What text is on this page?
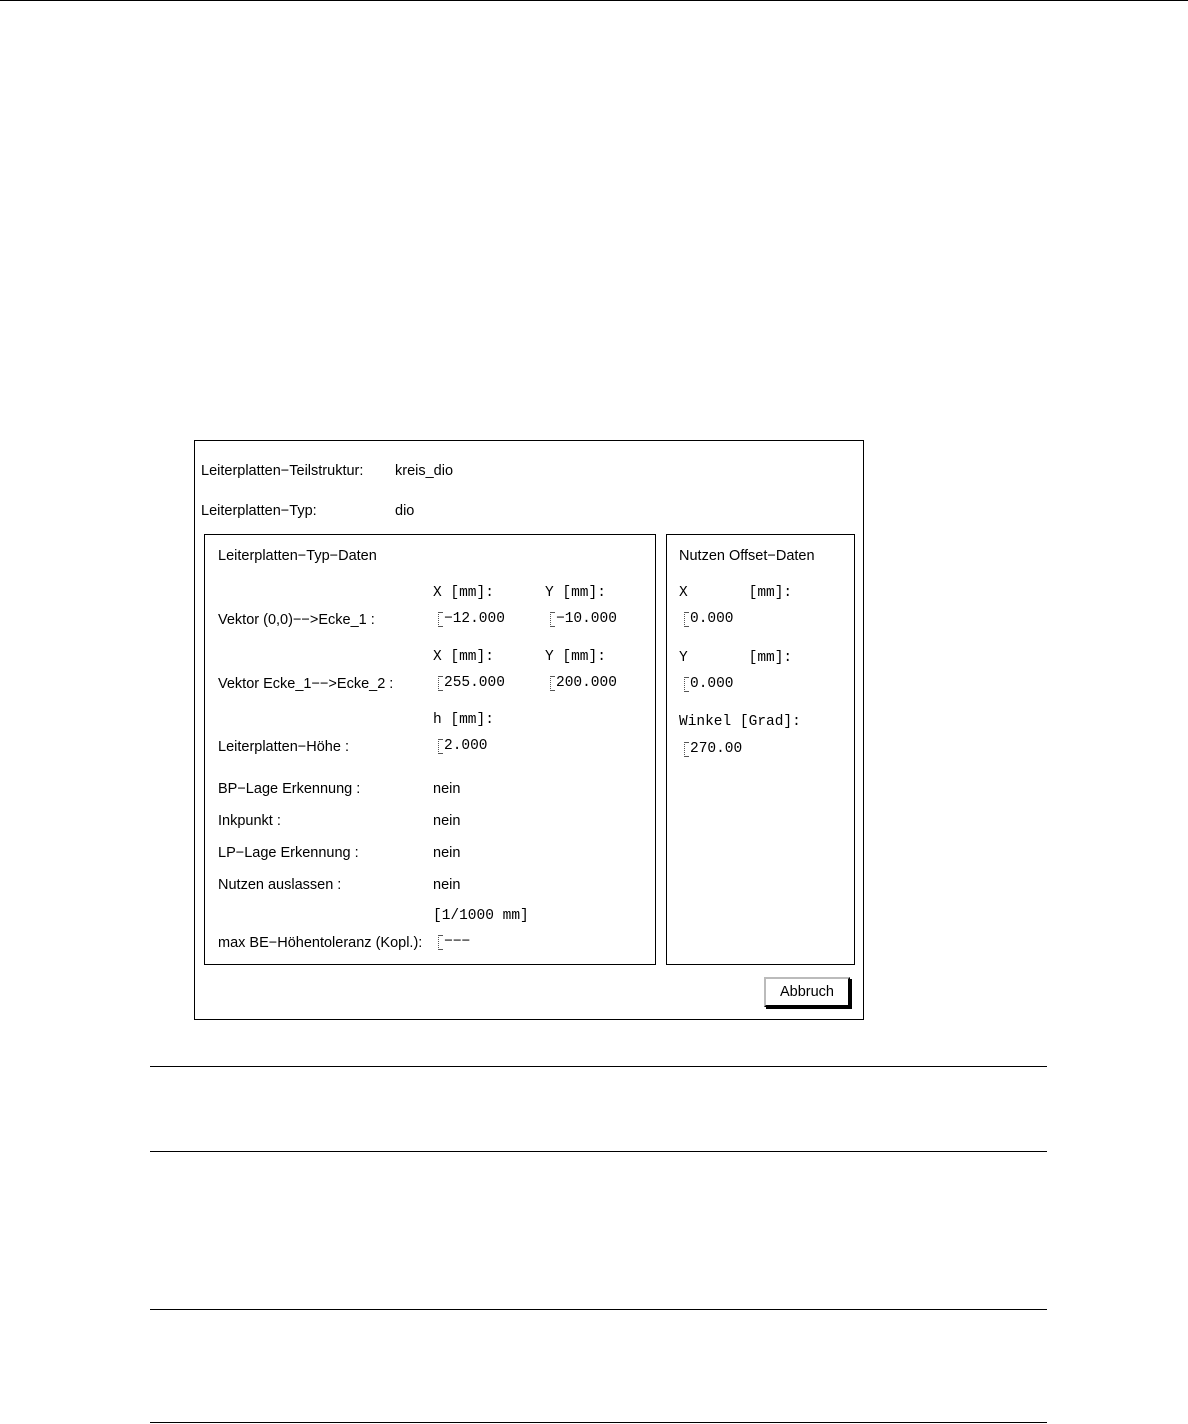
Leiterplatten−Teilstruktur: kreis_dio
Leiterplatten−Typ:	dio
Leiterplatten−Typ−Daten
X [mm]:	Y [mm]:
Vektor (0,0)−−>Ecke_1 :	−12.000	−10.000
X [mm]:	Y [mm]:
Vektor Ecke_1−−>Ecke_2 :	255.000	200.000
h [mm]:
Leiterplatten−Höhe :	2.000
BP−Lage Erkennung :	nein
Inkpunkt :	nein
LP−Lage Erkennung :	nein
Nutzen auslassen :	nein
[1/1000 mm]
max BE−Höhentoleranz (Kopl.): −−−
Nutzen Offset−Daten
X       [mm]:
0.000
Y       [mm]:
0.000
Winkel [Grad]:
270.00
Abbruch
